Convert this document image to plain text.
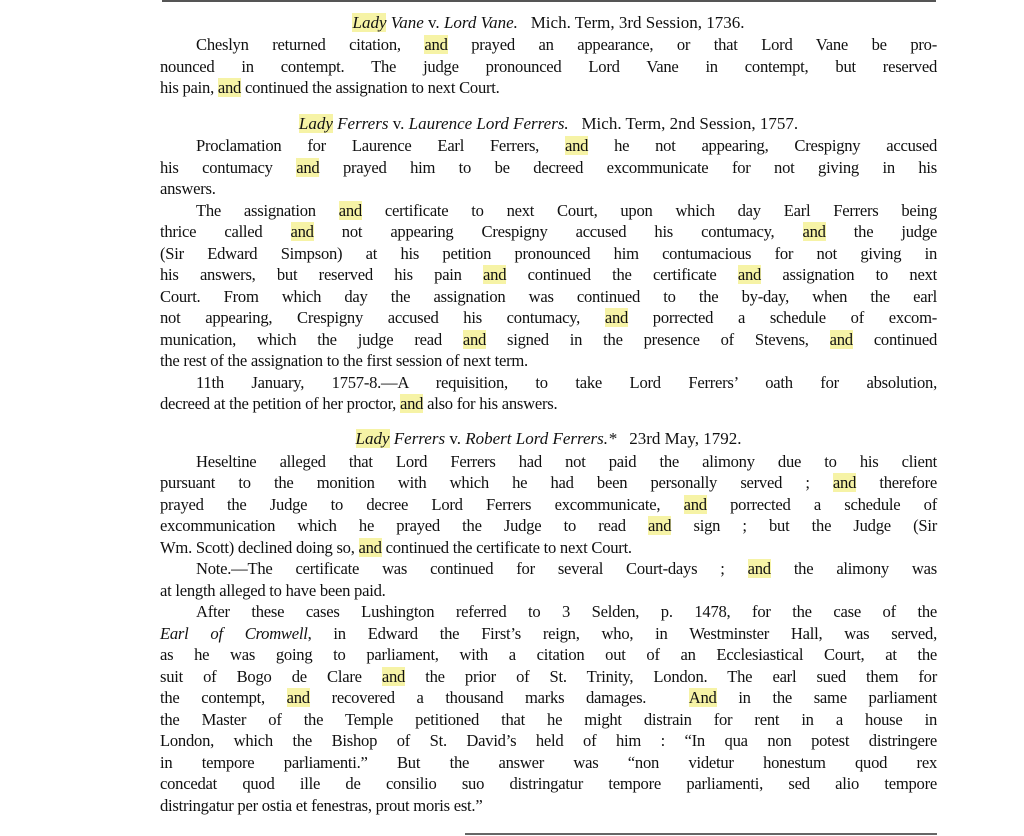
Lady Vane v. Lord Vane.   Mich. Term, 3rd Session, 1736.
Cheslyn returned citation, and prayed an appearance, or that Lord Vane be pro-
nounced in contempt. The judge pronounced Lord Vane in contempt, but reserved
his pain, and continued the assignation to next Court.
Lady Ferrers v. Laurence Lord Ferrers.   Mich. Term, 2nd Session, 1757.
Proclamation for Laurence Earl Ferrers, and he not appearing, Crespigny accused
his contumacy and prayed him to be decreed excommunicate for not giving in his
answers.
The assignation and certificate to next Court, upon which day Earl Ferrers being
thrice called and not appearing Crespigny accused his contumacy, and the judge
(Sir Edward Simpson) at his petition pronounced him contumacious for not giving in
his answers, but reserved his pain and continued the certificate and assignation to next
Court. From which day the assignation was continued to the by-day, when the earl
not appearing, Crespigny accused his contumacy, and porrected a schedule of excom-
munication, which the judge read and signed in the presence of Stevens, and continued
the rest of the assignation to the first session of next term.
11th January, 1757-8.—A requisition, to take Lord Ferrers’ oath for absolution,
decreed at the petition of her proctor, and also for his answers.
Lady Ferrers v. Robert Lord Ferrers.*   23rd May, 1792.
Heseltine alleged that Lord Ferrers had not paid the alimony due to his client
pursuant to the monition with which he had been personally served ; and therefore
prayed the Judge to decree Lord Ferrers excommunicate, and porrected a schedule of
excommunication which he prayed the Judge to read and sign ; but the Judge (Sir
Wm. Scott) declined doing so, and continued the certificate to next Court.
Note.—The certificate was continued for several Court-days ; and the alimony was
at length alleged to have been paid.
After these cases Lushington referred to 3 Selden, p. 1478, for the case of the
Earl of Cromwell, in Edward the First’s reign, who, in Westminster Hall, was served,
as he was going to parliament, with a citation out of an Ecclesiastical Court, at the
suit of Bogo de Clare and the prior of St. Trinity, London. The earl sued them for
the contempt, and recovered a thousand marks damages.  And in the same parliament
the Master of the Temple petitioned that he might distrain for rent in a house in
London, which the Bishop of St. David’s held of him : “In qua non potest distringere
in tempore parliamenti.” But the answer was “non videtur honestum quod rex
concedat quod ille de consilio suo distringatur tempore parliamenti, sed alio tempore
distringatur per ostia et fenestras, prout moris est.”
